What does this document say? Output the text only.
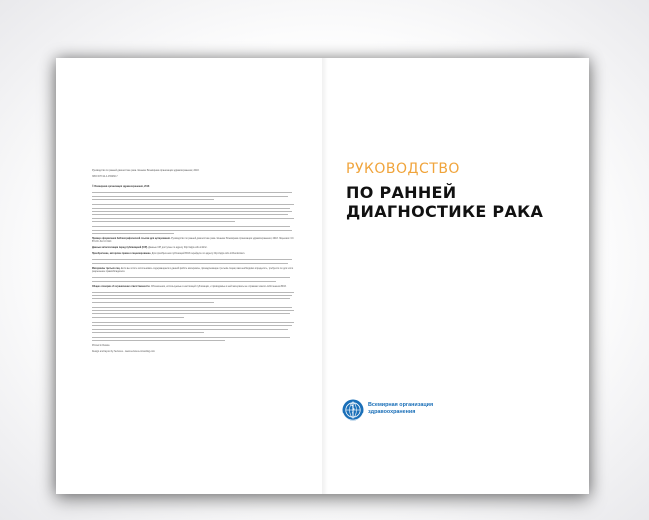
Руководство по ранней диагностике рака. Женева: Всемирная организация здравоохранения; 2018.

ISBN 978-92-4-459968-7

© Всемирная организация здравоохранения, 2018

Пример оформления библиографической ссылки для цитирования. Руководство по ранней диагностике рака. Женева: Всемирная организация здравоохранения; 2018. Лицензия: CC BY-NC-SA 3.0 IGO.

Данные каталогизации перед публикацией (CIP). Данные CIP доступны по адресу http://apps.who.int/iris/.

Приобретение, авторские права и лицензирование. Для приобретения публикаций ВОЗ перейдите по адресу http://apps.who.int/bookorders.

Материалы третьих лиц. Если вы хотите использовать содержащиеся в данной работе материалы, принадлежащие третьим лицам, вам необходимо определить, требуется ли для этого разрешение правообладателя.

Общие оговорки об ограничении ответственности. Обозначения, используемые в настоящей публикации, и приводимые в ней материалы не отражают какого-либо мнения ВОЗ.

Printed in Russia

Design and layout by Services - www.services-consulting.com

РУКОВОДСТВО
ПО РАННЕЙ
ДИАГНОСТИКЕ РАКА
Всемирная организация
здравоохранения
